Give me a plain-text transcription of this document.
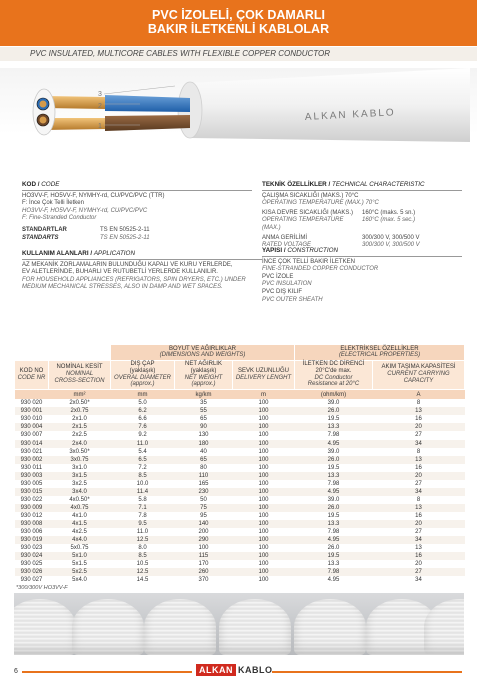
PVC İZOLELİ, ÇOK DAMARLI
BAKIR İLETKENLİ KABLOLAR
PVC INSULATED, MULTICORE CABLES WITH FLEXIBLE COPPER CONDUCTOR
3
2
1
ALKAN KABLO
KOD / CODE
HO3VV-F, HO5VV-F, NYMHY-rd, CU/PVC/PVC (TTR)
F: İnce Çok Telli İletken
HO3VV-F, HO5VV-F, NYMHY-rd, CU/PVC/PVC
F: Fine-Stranded Conductor
STANDARTLAR	TS EN 50525-2-11
STANDARTS	TS EN 50525-2-11
KULLANIM ALANLARI / APPLICATION
AZ MEKANİK ZORLAMALARIN BULUNDUĞU KAPALI VE KURU YERLERDE,
EV ALETLERİNDE, BUHARLI VE RUTUBETLİ YERLERDE KULLANILIR.
FOR HOUSEHOLD APPLIANCES (REFRIGATORS, SPIN DRYERS, ETC.) UNDER
MEDIUM MECHANICAL STRESSES, ALSO IN DAMP AND WET SPACES.
TEKNİK ÖZELLİKLER / TECHNICAL CHARACTERISTIC
ÇALIŞMA SICAKLIĞI (MAKS.) 70°C
OPERATING TEMPERATURE (MAX.) 70°C
KISA DEVRE SICAKLIĞI (MAKS.)	160°C (maks. 5 sn.)
OPERATING TEMPERATURE (MAX.)
160°C (max. 5 sec.)
ANMA GERİLİMİ	300/300 V, 300/500 V
RATED VOLTAGE	300/300 V, 300/500 V
YAPISI / CONSTRUCTION
İNCE ÇOK TELLİ BAKIR İLETKEN
FINE-STRANDED COPPER CONDUCTOR
PVC İZOLE
PVC INSULATION
PVC DIŞ KILIF
PVC OUTER SHEATH
		BOYUT VE AĞIRLIKLAR
(DIMENSIONS AND WEIGHTS)			ELEKTRİKSEL ÖZELLİKLER
(ELECTRICAL PROPERTIES)	
KOD NO
CODE NR	NOMİNAL KESİT
NOMINAL
CROSS-SECTION	DIŞ ÇAP
(yaklaşık)
OVERAL DIAMETER
(approx.)	NET AĞIRLIK
(yaklaşık)
NET WEIGHT
(approx.)	SEVK UZUNLUĞU
DELIVERY LENGHT	İLETKEN DC DİRENCİ
20°C'de max.
DC Conductor
Resistance at 20°C	AKIM TAŞIMA KAPASİTESİ
CURRENT CARRYING CAPACITY
	mm²	mm	kg/km	m	(ohm/km)	A
930 020	2x0.50*	5.0	35	100	39.0	8
930 001	2x0.75	6.2	55	100	26.0	13
930 010	2x1.0	6.6	65	100	19.5	16
930 004	2x1.5	7.6	90	100	13.3	20
930 007	2x2.5	9.2	130	100	7.98	27
930 014	2x4.0	11.0	180	100	4.95	34
930 021	3x0.50*	5.4	40	100	39.0	8
930 002	3x0.75	6.5	65	100	26.0	13
930 011	3x1.0	7.2	80	100	19.5	16
930 003	3x1.5	8.5	110	100	13.3	20
930 005	3x2.5	10.0	165	100	7.98	27
930 015	3x4.0	11.4	230	100	4.95	34
930 022	4x0.50*	5.8	50	100	39.0	8
930 009	4x0.75	7.1	75	100	26.0	13
930 012	4x1.0	7.8	95	100	19.5	16
930 008	4x1.5	9.5	140	100	13.3	20
930 006	4x2.5	11.0	200	100	7.98	27
930 019	4x4.0	12.5	290	100	4.95	34
930 023	5x0.75	8.0	100	100	26.0	13
930 024	5x1.0	8.5	115	100	19.5	16
930 025	5x1.5	10.5	170	100	13.3	20
930 026	5x2.5	12.5	260	100	7.98	27
930 027	5x4.0	14.5	370	100	4.95	34
*300/300V HO3VV-F
6	ALKAN KABLO
